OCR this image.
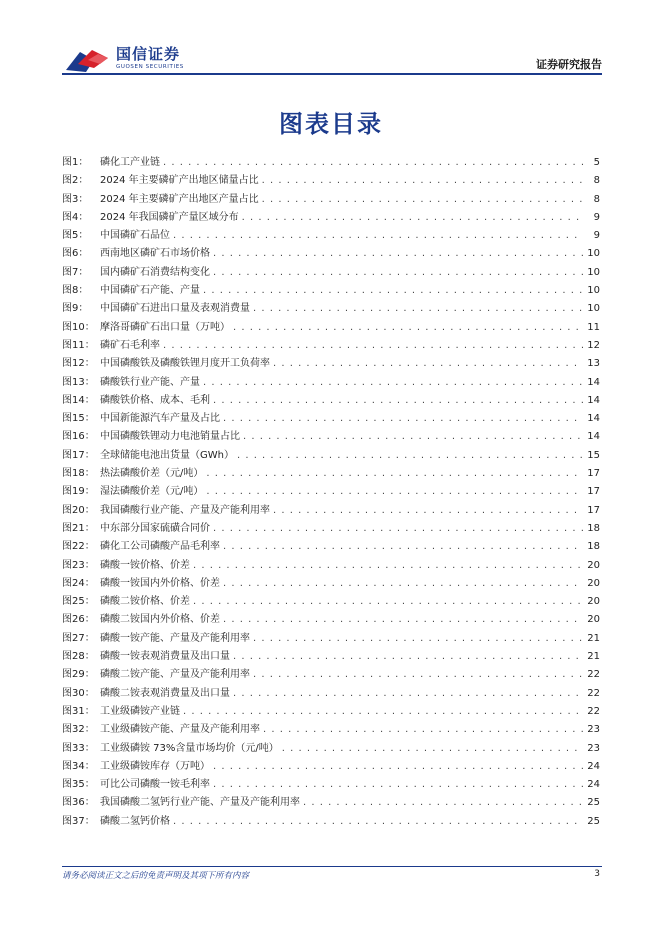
国信证券
GUOSEN SECURITIES	证券研究报告
图表目录
图1：	磷化工产业链 . . .	5
图2：	2024 年主要磷矿产出地区储量占比 . . .	8
图3：	2024 年主要磷矿产出地区产量占比 . . .	8
图4：	2024 年我国磷矿产量区域分布 . . .	9
图5：	中国磷矿石品位 . . .	9
图6：	西南地区磷矿石市场价格 . . .	10
图7：	国内磷矿石消费结构变化 . . .	10
图8：	中国磷矿石产能、产量 . . .	10
图9：	中国磷矿石进出口量及表观消费量 . . .	10
图10： 摩洛哥磷矿石出口量（万吨） . . .	11
图11： 磷矿石毛利率 . . .	12
图12： 中国磷酸铁及磷酸铁锂月度开工负荷率 . . .	13
图13： 磷酸铁行业产能、产量 . . .	14
图14： 磷酸铁价格、成本、毛利 . . .	14
图15： 中国新能源汽车产量及占比 . . .	14
图16： 中国磷酸铁锂动力电池销量占比 . . .	14
图17： 全球储能电池出货量（GWh） . . .	15
图18： 热法磷酸价差（元/吨） . . .	17
图19： 湿法磷酸价差（元/吨） . . .	17
图20： 我国磷酸行业产能、产量及产能利用率 . . .	17
图21： 中东部分国家硫磺合同价 . . .	18
图22： 磷化工公司磷酸产品毛利率 . . .	18
图23： 磷酸一铵价格、价差 . . .	20
图24： 磷酸一铵国内外价格、价差 . . .	20
图25： 磷酸二铵价格、价差 . . .	20
图26： 磷酸二铵国内外价格、价差 . . .	20
图27： 磷酸一铵产能、产量及产能利用率 . . .	21
图28： 磷酸一铵表观消费量及出口量 . . .	21
图29： 磷酸二铵产能、产量及产能利用率 . . .	22
图30： 磷酸二铵表观消费量及出口量 . . .	22
图31： 工业级磷铵产业链 . . .	22
图32： 工业级磷铵产能、产量及产能利用率 . . .	23
图33： 工业级磷铵 73%含量市场均价（元/吨） . . .	23
图34： 工业级磷铵库存（万吨） . . .	24
图35： 可比公司磷酸一铵毛利率 . . .	24
图36： 我国磷酸二氢钙行业产能、产量及产能利用率 . . .	25
图37： 磷酸二氢钙价格 . . .	25
请务必阅读正文之后的免责声明及其项下所有内容	3
